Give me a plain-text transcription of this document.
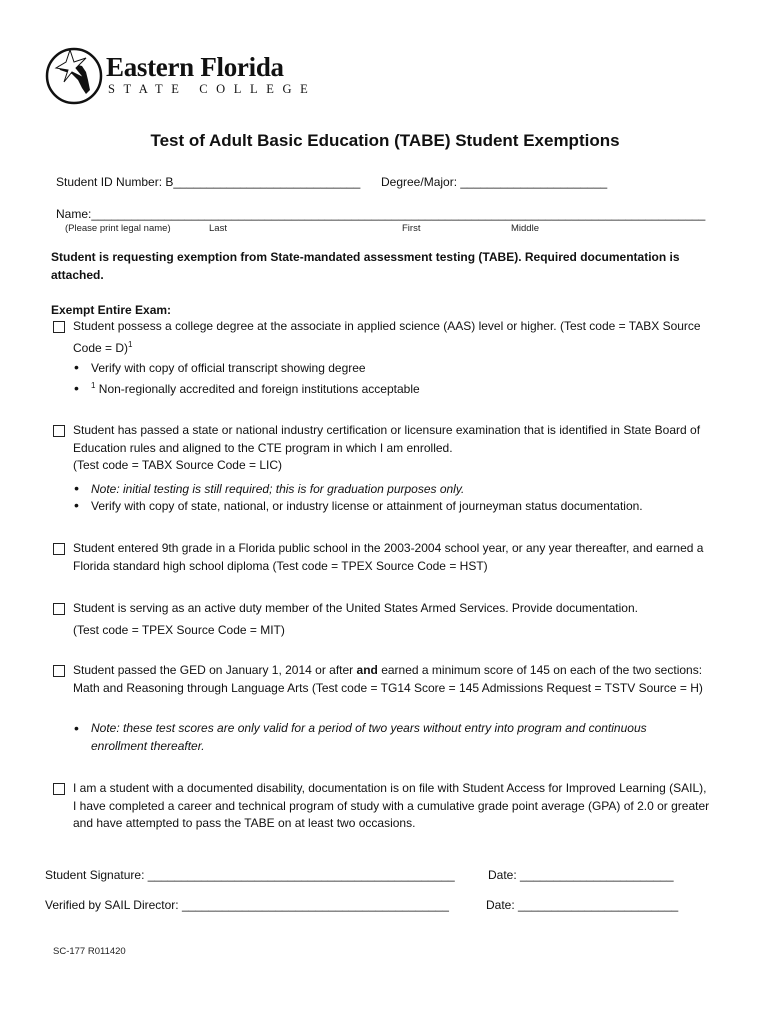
Eastern Florida
STATE COLLEGE
Test of Adult Basic Education (TABE) Student Exemptions
Student ID Number: B____________________________ Degree/Major: ______________________
Name:____________________________________________________________________________________________
(Please print legal name)	Last	First	Middle
Student is requesting exemption from State-mandated assessment testing (TABE). Required documentation is attached.
Exempt Entire Exam:
Student possess a college degree at the associate in applied science (AAS) level or higher. (Test code = TABX Source Code = D)$^1$
• Verify with copy of official transcript showing degree
• $^1$ Non-regionally accredited and foreign institutions acceptable
Student has passed a state or national industry certification or licensure examination that is identified in State Board of Education rules and aligned to the CTE program in which I am enrolled.
(Test code = TABX Source Code = LIC)
• Note: initial testing is still required; this is for graduation purposes only.
• Verify with copy of state, national, or industry license or attainment of journeyman status documentation.
Student entered 9th grade in a Florida public school in the 2003-2004 school year, or any year thereafter, and earned a Florida standard high school diploma (Test code = TPEX Source Code = HST)
Student is serving as an active duty member of the United States Armed Services. Provide documentation.
(Test code = TPEX Source Code = MIT)
Student passed the GED on January 1, 2014 or after and earned a minimum score of 145 on each of the two sections: Math and Reasoning through Language Arts (Test code = TG14 Score = 145 Admissions Request = TSTV Source = H)
• Note: these test scores are only valid for a period of two years without entry into program and continuous enrollment thereafter.
I am a student with a documented disability, documentation is on file with Student Access for Improved Learning (SAIL), I have completed a career and technical program of study with a cumulative grade point average (GPA) of 2.0 or greater and have attempted to pass the TABE on at least two occasions.
Student Signature: ______________________________________________	Date: _______________________
Verified by SAIL Director: ________________________________________	Date: ________________________
SC-177 R011420
